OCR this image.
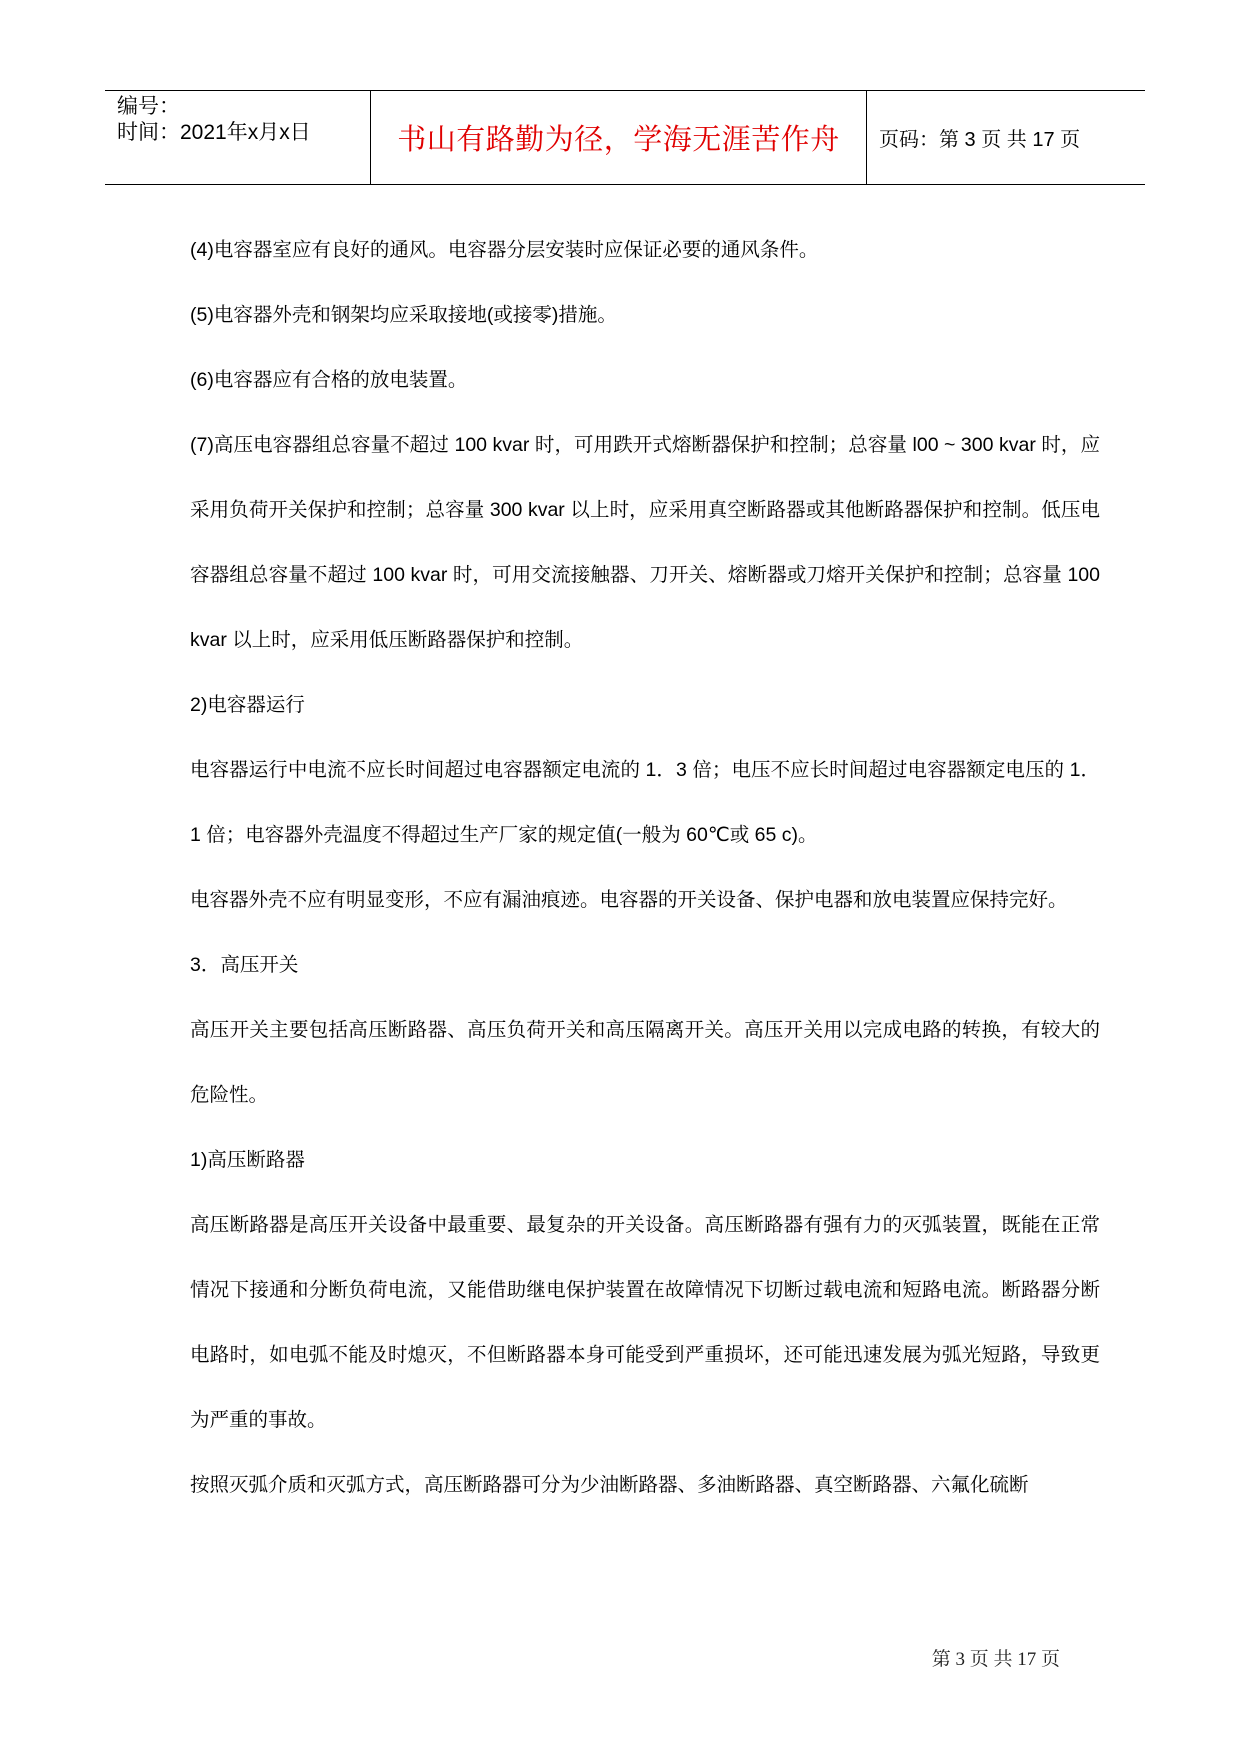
编号：
时间：2021年x月x日	书山有路勤为径，学海无涯苦作舟 页码：第 3 页 共 17 页
(4)电容器室应有良好的通风。电容器分层安装时应保证必要的通风条件。
(5)电容器外壳和钢架均应采取接地(或接零)措施。
(6)电容器应有合格的放电装置。
(7)高压电容器组总容量不超过 100 kvar 时，可用跌开式熔断器保护和控制；总容量 l00 ~ 300 kvar 时，应采用负荷开关保护和控制；总容量 300 kvar 以上时，应采用真空断路器或其他断路器保护和控制。低压电容器组总容量不超过 100 kvar 时，可用交流接触器、刀开关、熔断器或刀熔开关保护和控制；总容量 100 kvar 以上时，应采用低压断路器保护和控制。
2)电容器运行
电容器运行中电流不应长时间超过电容器额定电流的 1．3 倍；电压不应长时间超过电容器额定电压的 1．1 倍；电容器外壳温度不得超过生产厂家的规定值(一般为 60℃或 65 c)。
电容器外壳不应有明显变形，不应有漏油痕迹。电容器的开关设备、保护电器和放电装置应保持完好。
3．高压开关
高压开关主要包括高压断路器、高压负荷开关和高压隔离开关。高压开关用以完成电路的转换，有较大的危险性。
1)高压断路器
高压断路器是高压开关设备中最重要、最复杂的开关设备。高压断路器有强有力的灭弧装置，既能在正常情况下接通和分断负荷电流，又能借助继电保护装置在故障情况下切断过载电流和短路电流。断路器分断电路时，如电弧不能及时熄灭，不但断路器本身可能受到严重损坏，还可能迅速发展为弧光短路，导致更为严重的事故。
按照灭弧介质和灭弧方式，高压断路器可分为少油断路器、多油断路器、真空断路器、六氟化硫断
第 3 页 共 17 页
